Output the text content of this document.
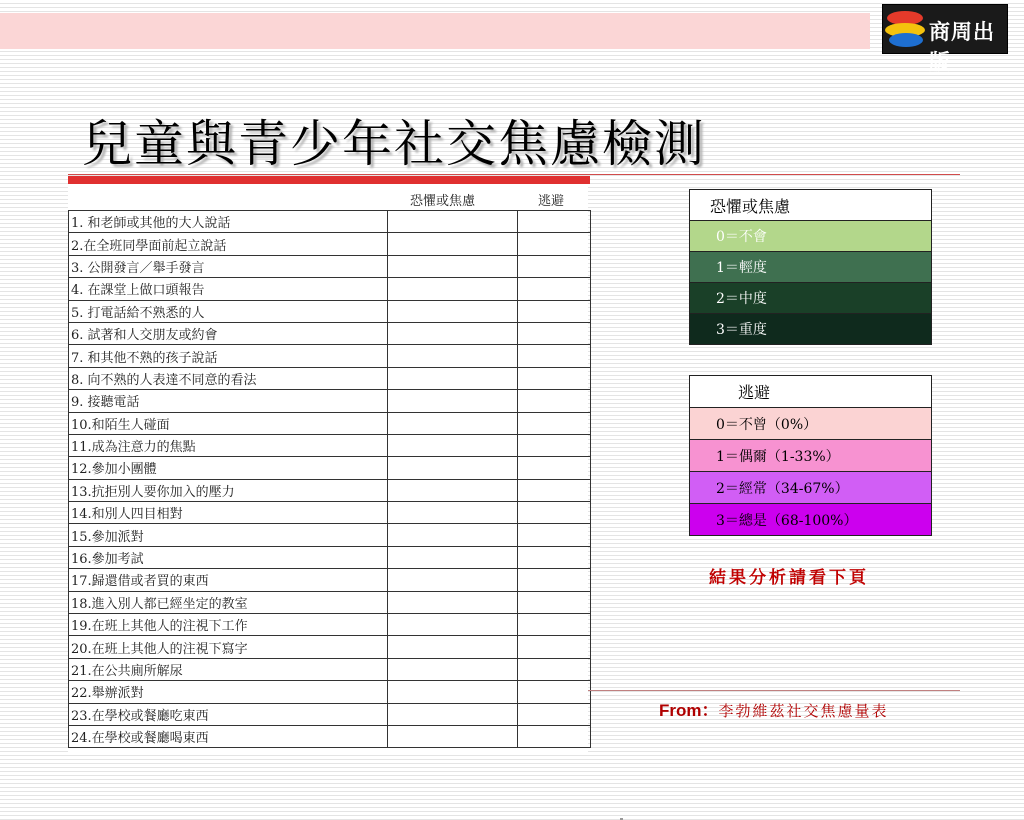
商周出版
兒童與青少年社交焦慮檢測
恐懼或焦慮	逃避
1. 和老師或其他的大人說話		
2.在全班同學面前起立說話		
3. 公開發言／舉手發言		
4. 在課堂上做口頭報告		
5. 打電話給不熟悉的人		
6. 試著和人交朋友或約會		
7. 和其他不熟的孩子說話		
8. 向不熟的人表達不同意的看法		
9. 接聽電話		
10.和陌生人碰面		
11.成為注意力的焦點		
12.參加小團體		
13.抗拒別人要你加入的壓力		
14.和別人四目相對		
15.參加派對		
16.參加考試		
17.歸還借或者買的東西		
18.進入別人都已經坐定的教室		
19.在班上其他人的注視下工作		
20.在班上其他人的注視下寫字		
21.在公共廁所解尿		
22.舉辦派對		
23.在學校或餐廳吃東西		
24.在學校或餐廳喝東西		
恐懼或焦慮
0＝不會
1＝輕度
2＝中度
3＝重度
逃避
0＝不曾（0%）
1＝偶爾（1-33%）
2＝經常（34-67%）
3＝總是（68-100%）
結果分析請看下頁
From：李勃維茲社交焦慮量表
